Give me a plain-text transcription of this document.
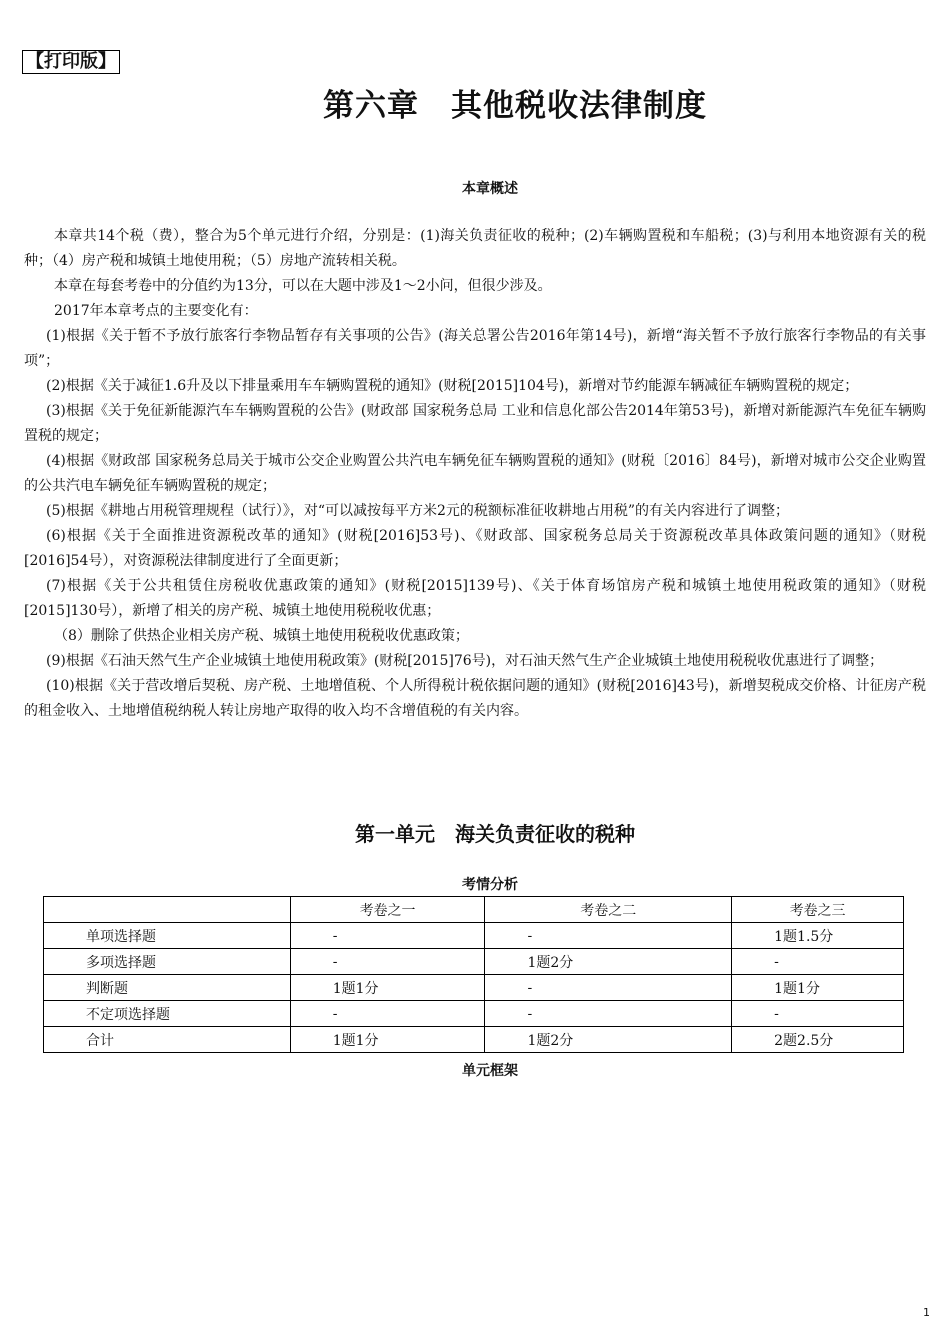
【打印版】
第六章　其他税收法律制度
本章概述

本章共14个税（费），整合为5个单元进行介绍，分别是：(1)海关负责征收的税种；(2)车辆购置税和车船税；(3)与利用本地资源有关的税种；（4）房产税和城镇土地使用税；（5）房地产流转相关税。

本章在每套考卷中的分值约为13分，可以在大题中涉及1～2小问，但很少涉及。

2017年本章考点的主要变化有：

(1)根据《关于暂不予放行旅客行李物品暂存有关事项的公告》(海关总署公告2016年第14号)，新增“海关暂不予放行旅客行李物品的有关事项”；

(2)根据《关于减征1.6升及以下排量乘用车车辆购置税的通知》(财税[2015]104号)，新增对节约能源车辆减征车辆购置税的规定；

(3)根据《关于免征新能源汽车车辆购置税的公告》(财政部 国家税务总局 工业和信息化部公告2014年第53号)，新增对新能源汽车免征车辆购置税的规定；

(4)根据《财政部 国家税务总局关于城市公交企业购置公共汽电车辆免征车辆购置税的通知》(财税〔2016〕84号)，新增对城市公交企业购置的公共汽电车辆免征车辆购置税的规定；

(5)根据《耕地占用税管理规程（试行）》，对“可以减按每平方米2元的税额标准征收耕地占用税”的有关内容进行了调整；

(6)根据《关于全面推进资源税改革的通知》(财税[2016]53号)、《财政部、国家税务总局关于资源税改革具体政策问题的通知》（财税[2016]54号），对资源税法律制度进行了全面更新；

(7)根据《关于公共租赁住房税收优惠政策的通知》(财税[2015]139号)、《关于体育场馆房产税和城镇土地使用税政策的通知》（财税[2015]130号），新增了相关的房产税、城镇土地使用税税收优惠；

（8）删除了供热企业相关房产税、城镇土地使用税税收优惠政策；

(9)根据《石油天然气生产企业城镇土地使用税政策》(财税[2015]76号)，对石油天然气生产企业城镇土地使用税税收优惠进行了调整；

(10)根据《关于营改增后契税、房产税、土地增值税、个人所得税计税依据问题的通知》(财税[2016]43号)，新增契税成交价格、计征房产税的租金收入、土地增值税纳税人转让房地产取得的收入均不含增值税的有关内容。

第一单元　海关负责征收的税种
考情分析
	考卷之一	考卷之二	考卷之三
单项选择题	-	-	1题1.5分
多项选择题	-	1题2分	-
判断题	1题1分	-	1题1分
不定项选择题	-	-	-
合计	1题1分	1题2分	2题2.5分
单元框架
1
